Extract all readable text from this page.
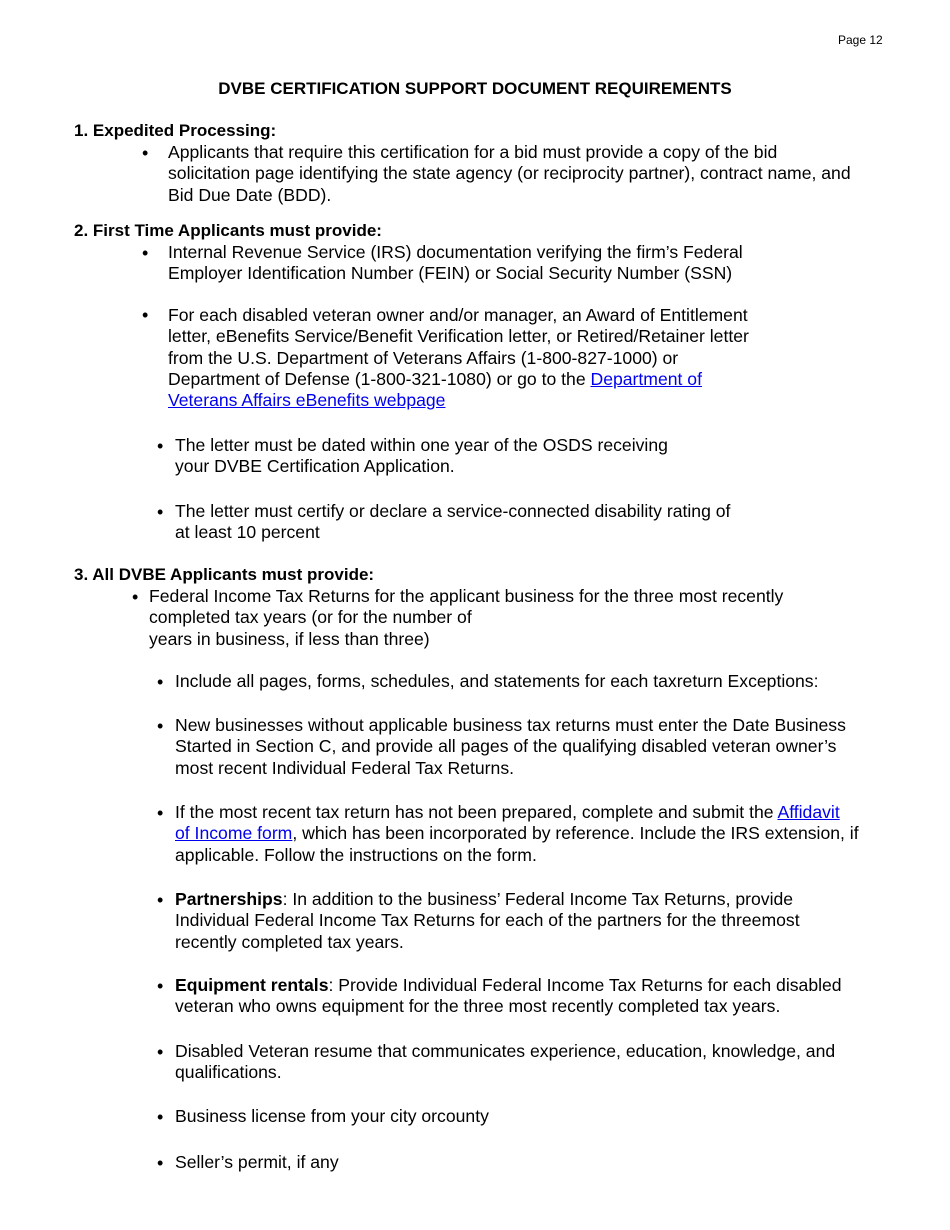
Page 12
DVBE CERTIFICATION SUPPORT DOCUMENT REQUIREMENTS
1. Expedited Processing:
• Applicants that require this certification for a bid must provide a copy of the bid
solicitation page identifying the state agency (or reciprocity partner), contract name, and
Bid Due Date (BDD).
2. First Time Applicants must provide:
• Internal Revenue Service (IRS) documentation verifying the firm’s Federal
Employer Identification Number (FEIN) or Social Security Number (SSN)
• For each disabled veteran owner and/or manager, an Award of Entitlement
letter, eBenefits Service/Benefit Verification letter, or Retired/Retainer letter
from the U.S. Department of Veterans Affairs (1-800-827-1000) or
Department of Defense (1-800-321-1080) or go to the Department of
Veterans Affairs eBenefits webpage
• The letter must be dated within one year of the OSDS receiving
your DVBE Certification Application.
• The letter must certify or declare a service-connected disability rating of
at least 10 percent
3. All DVBE Applicants must provide:
• Federal Income Tax Returns for the applicant business for the three most recently
completed tax years (or for the number of
years in business, if less than three)
• Include all pages, forms, schedules, and statements for each taxreturn Exceptions:
• New businesses without applicable business tax returns must enter the Date Business
Started in Section C, and provide all pages of the qualifying disabled veteran owner’s
most recent Individual Federal Tax Returns.
• If the most recent tax return has not been prepared, complete and submit the Affidavit
of Income form, which has been incorporated by reference. Include the IRS extension, if
applicable. Follow the instructions on the form.
• Partnerships: In addition to the business’ Federal Income Tax Returns, provide
Individual Federal Income Tax Returns for each of the partners for the threemost
recently completed tax years.
• Equipment rentals: Provide Individual Federal Income Tax Returns for each disabled
veteran who owns equipment for the three most recently completed tax years.
• Disabled Veteran resume that communicates experience, education, knowledge, and
qualifications.
• Business license from your city orcounty
• Seller’s permit, if any
